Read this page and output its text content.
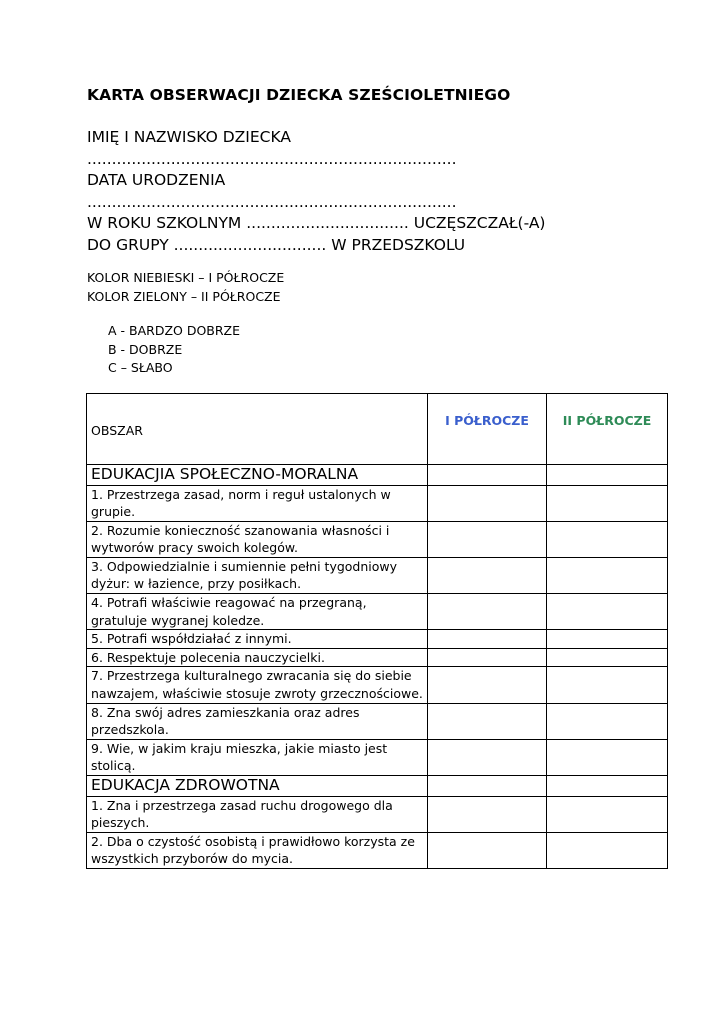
KARTA OBSERWACJI DZIECKA SZEŚCIOLETNIEGO
IMIĘ I NAZWISKO DZIECKA
...........................................................................
DATA URODZENIA
...........................................................................
W ROKU SZKOLNYM ................................. UCZĘSZCZAŁ(-A)
DO GRUPY ............................... W PRZEDSZKOLU
KOLOR NIEBIESKI – I PÓŁROCZE
KOLOR ZIELONY – II PÓŁROCZE
A - BARDZO DOBRZE
B - DOBRZE
C – SŁABO
OBSZAR	I PÓŁROCZE	II PÓŁROCZE
EDUKACJIA SPOŁECZNO-MORALNA		
1. Przestrzega zasad, norm i reguł ustalonych w grupie.		
2. Rozumie konieczność szanowania własności i wytworów pracy swoich kolegów.		
3. Odpowiedzialnie i sumiennie pełni tygodniowy dyżur: w łazience, przy posiłkach.		
4. Potrafi właściwie reagować na przegraną, gratuluje wygranej koledze.		
5. Potrafi współdziałać z innymi.		
6. Respektuje polecenia nauczycielki.		
7. Przestrzega kulturalnego zwracania się do siebie nawzajem, właściwie stosuje zwroty grzecznościowe.		
8. Zna swój adres zamieszkania oraz adres przedszkola.		
9. Wie, w jakim kraju mieszka, jakie miasto jest stolicą.		
EDUKACJA ZDROWOTNA		
1. Zna i przestrzega zasad ruchu drogowego dla pieszych.		
2. Dba o czystość osobistą i prawidłowo korzysta ze wszystkich przyborów do mycia.		
